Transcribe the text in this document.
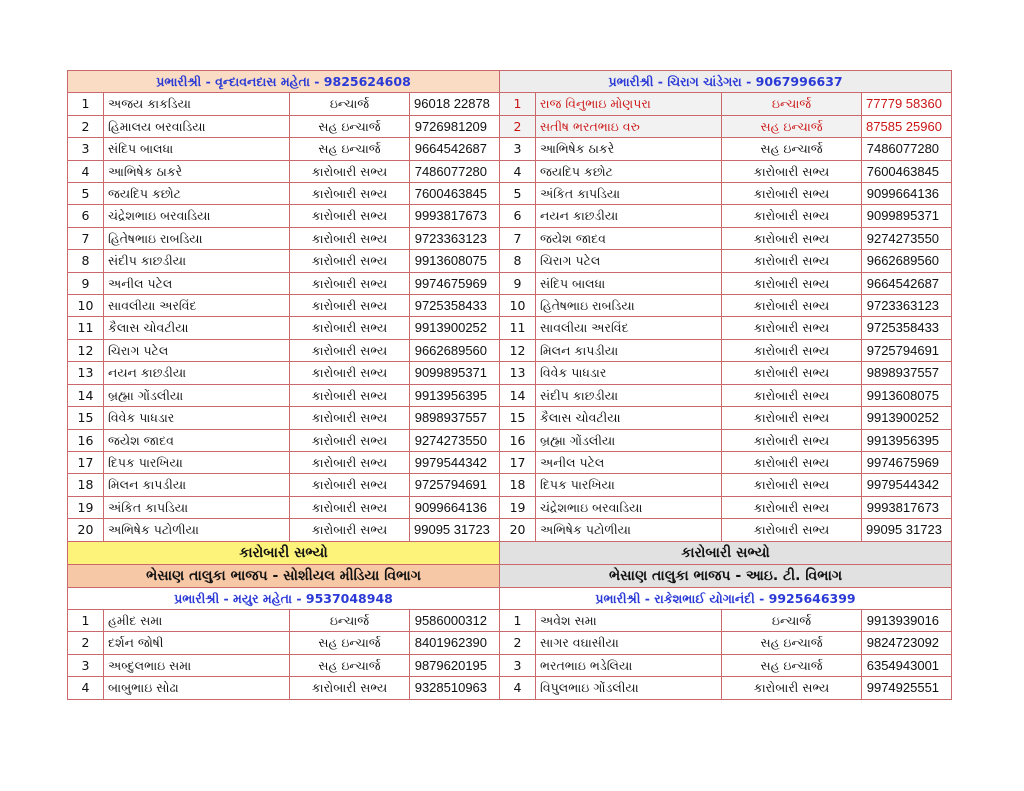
પ્રભારીશ્રી - વૃન્દાવનદાસ મહેતા - 9825624608				પ્રભારીશ્રી - ચિરાગ ચાંડેગરા - 9067996637			
1	અજય કાકડિયા	ઇન્ચાર્જ	96018 22878	1	રાજ વિનુભાઇ મોણપરા	ઇન્ચાર્જ	77779 58360
2	હિમાલય બરવાડિયા	સહ ઇન્ચાર્જ	9726981209	2	સતીષ ભરતભાઇ વરુ	સહ ઇન્ચાર્જ	87585 25960
3	સંદિપ બાલધા	સહ ઇન્ચાર્જ	9664542687	3	આભિષેક ઠાકરે	સહ ઇન્ચાર્જ	7486077280
4	આભિષેક ઠાકરે	કારોબારી સભ્ય	7486077280	4	જયદિપ કછોટ	કારોબારી સભ્ય	7600463845
5	જયદિપ કછોટ	કારોબારી સભ્ય	7600463845	5	અંકિત કાપડિયા	કારોબારી સભ્ય	9099664136
6	ચંદ્રેશભાઇ બરવાડિયા	કારોબારી સભ્ય	9993817673	6	નયન કાછડીયા	કારોબારી સભ્ય	9099895371
7	હિતેષભાઇ રાબડિયા	કારોબારી સભ્ય	9723363123	7	જયેશ જાદવ	કારોબારી સભ્ય	9274273550
8	સંદીપ કાછડીયા	કારોબારી સભ્ય	9913608075	8	ચિરાગ પટેલ	કારોબારી સભ્ય	9662689560
9	અનીલ પટેલ	કારોબારી સભ્ય	9974675969	9	સંદિપ બાલધા	કારોબારી સભ્ય	9664542687
10	સાવલીયા અરવિંદ	કારોબારી સભ્ય	9725358433	10	હિતેષભાઇ રાબડિયા	કારોબારી સભ્ય	9723363123
11	કૈલાસ ચોવટીયા	કારોબારી સભ્ય	9913900252	11	સાવલીયા અરવિંદ	કારોબારી સભ્ય	9725358433
12	ચિરાગ પટેલ	કારોબારી સભ્ય	9662689560	12	મિલન કાપડીયા	કારોબારી સભ્ય	9725794691
13	નયન કાછડીયા	કારોબારી સભ્ય	9099895371	13	વિવેક પાધડાર	કારોબારી સભ્ય	9898937557
14	બ્રહ્મા ગોંડલીયા	કારોબારી સભ્ય	9913956395	14	સંદીપ કાછડીયા	કારોબારી સભ્ય	9913608075
15	વિવેક પાધડાર	કારોબારી સભ્ય	9898937557	15	કૈલાસ ચોવટીયા	કારોબારી સભ્ય	9913900252
16	જયેશ જાદવ	કારોબારી સભ્ય	9274273550	16	બ્રહ્મા ગોંડલીયા	કારોબારી સભ્ય	9913956395
17	દિપક પારખિયા	કારોબારી સભ્ય	9979544342	17	અનીલ પટેલ	કારોબારી સભ્ય	9974675969
18	મિલન કાપડીયા	કારોબારી સભ્ય	9725794691	18	દિપક પારખિયા	કારોબારી સભ્ય	9979544342
19	અંકિત કાપડિયા	કારોબારી સભ્ય	9099664136	19	ચંદ્રેશભાઇ બરવાડિયા	કારોબારી સભ્ય	9993817673
20	અભિષેક પટોળીયા	કારોબારી સભ્ય	99095 31723	20	અભિષેક પટોળીયા	કારોબારી સભ્ય	99095 31723
કારોબારી સભ્યો				કારોબારી સભ્યો			
ભેસાણ તાલુકા ભાજપ - સોશીયલ મીડિયા વિભાગ				ભેસાણ તાલુકા ભાજપ - આઇ. ટી. વિભાગ			
પ્રભારીશ્રી - મયુર મહેતા - 9537048948				પ્રભારીશ્રી - રાકેશભાઈ યોગાનંદી - 9925646399			
1	હમીદ સમા	ઇન્ચાર્જ	9586000312	1	અવેશ સમા	ઇન્ચાર્જ	9913939016
2	દર્શન જોષી	સહ ઇન્ચાર્જ	8401962390	2	સાગર વઘાસીયા	સહ ઇન્ચાર્જ	9824723092
3	અબ્દુલભાઇ સમા	સહ ઇન્ચાર્જ	9879620195	3	ભરતભાઇ ભડેલિયા	સહ ઇન્ચાર્જ	6354943001
4	બાબુભાઇ સોઢા	કારોબારી સભ્ય	9328510963	4	વિપુલભાઇ ગોંડલીયા	કારોબારી સભ્ય	9974925551
